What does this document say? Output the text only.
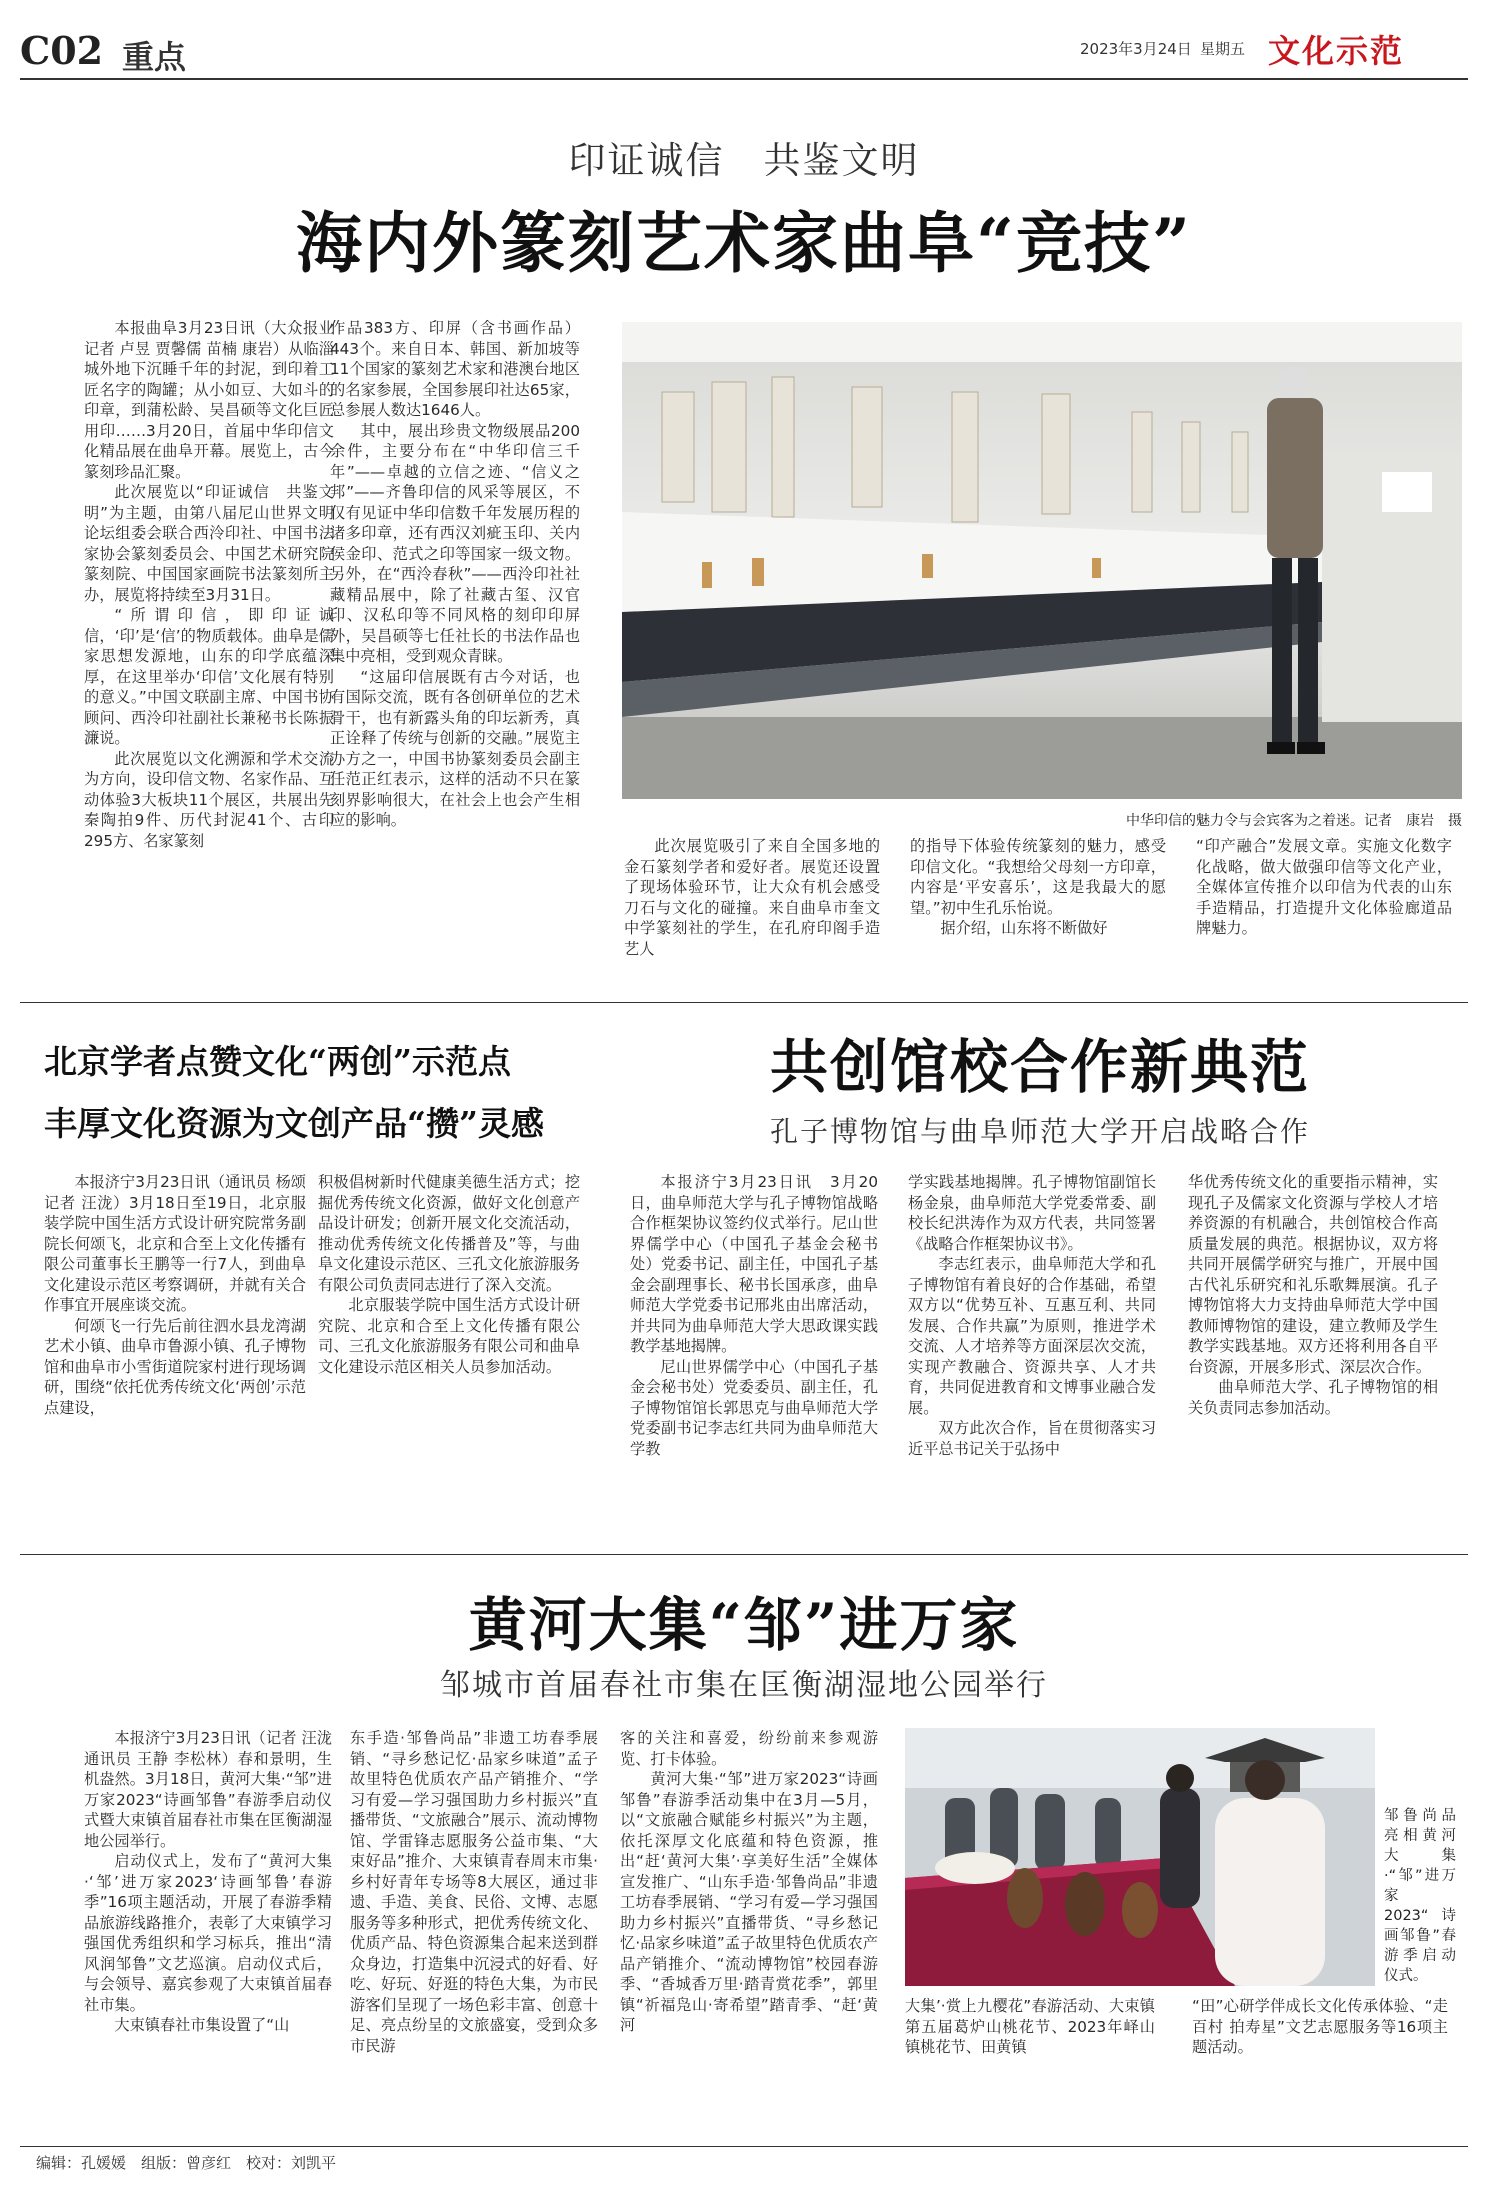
C02 重点	2023年3月24日 星期五 文化示范
印证诚信　共鉴文明
海内外篆刻艺术家曲阜“竞技”

本报曲阜3月23日讯（大众报业记者 卢昱 贾馨儒 苗楠 康岩）从临淄城外地下沉睡千年的封泥，到印着工匠名字的陶罐；从小如豆、大如斗的印章，到蒲松龄、吴昌硕等文化巨匠用印……3月20日，首届中华印信文化精品展在曲阜开幕。展览上，古今篆刻珍品汇聚。

此次展览以“印证诚信　共鉴文明”为主题，由第八届尼山世界文明论坛组委会联合西泠印社、中国书法家协会篆刻委员会、中国艺术研究院篆刻院、中国国家画院书法篆刻所主办，展览将持续至3月31日。

“所谓印信，即印证诚信，‘印’是‘信’的物质载体。曲阜是儒家思想发源地，山东的印学底蕴深厚，在这里举办‘印信’文化展有特别的意义。”中国文联副主席、中国书协顾问、西泠印社副社长兼秘书长陈振濂说。

此次展览以文化溯源和学术交流为方向，设印信文物、名家作品、互动体验3大板块11个展区，共展出先秦陶拍9件、历代封泥41个、古印295方、名家篆刻

作品383方、印屏（含书画作品）443个。来自日本、韩国、新加坡等11个国家的篆刻艺术家和港澳台地区的名家参展，全国参展印社达65家，总参展人数达1646人。

其中，展出珍贵文物级展品200余件，主要分布在“中华印信三千年”——卓越的立信之迹、“信义之邦”——齐鲁印信的风采等展区，不仅有见证中华印信数千年发展历程的诸多印章，还有西汉刘疵玉印、关内侯金印、范式之印等国家一级文物。另外，在“西泠春秋”——西泠印社社藏精品展中，除了社藏古玺、汉官印、汉私印等不同风格的刻印印屏外，吴昌硕等七任社长的书法作品也集中亮相，受到观众青睐。

“这届印信展既有古今对话，也有国际交流，既有各创研单位的艺术骨干，也有新露头角的印坛新秀，真正诠释了传统与创新的交融。”展览主办方之一，中国书协篆刻委员会副主任范正红表示，这样的活动不只在篆刻界影响很大，在社会上也会产生相应的影响。	中华印信的魅力令与会宾客为之着迷。记者　康岩　摄

此次展览吸引了来自全国多地的金石篆刻学者和爱好者。展览还设置了现场体验环节，让大众有机会感受刀石与文化的碰撞。来自曲阜市奎文中学篆刻社的学生，在孔府印阁手造艺人

的指导下体验传统篆刻的魅力，感受印信文化。“我想给父母刻一方印章，内容是‘平安喜乐’，这是我最大的愿望。”初中生孔乐怡说。

据介绍，山东将不断做好

“印产融合”发展文章。实施文化数字化战略，做大做强印信等文化产业，全媒体宣传推介以印信为代表的山东手造精品，打造提升文化体验廊道品牌魅力。

北京学者点赞文化“两创”示范点
丰厚文化资源为文创产品“攒”灵感

本报济宁3月23日讯（通讯员 杨颂 记者 汪泷）3月18日至19日，北京服装学院中国生活方式设计研究院常务副院长何颂飞，北京和合至上文化传播有限公司董事长王鹏等一行7人，到曲阜文化建设示范区考察调研，并就有关合作事宜开展座谈交流。

何颂飞一行先后前往泗水县龙湾湖艺术小镇、曲阜市鲁源小镇、孔子博物馆和曲阜市小雪街道院家村进行现场调研，围绕“依托优秀传统文化‘两创’示范点建设，

积极倡树新时代健康美德生活方式；挖掘优秀传统文化资源，做好文化创意产品设计研发；创新开展文化交流活动，推动优秀传统文化传播普及”等，与曲阜文化建设示范区、三孔文化旅游服务有限公司负责同志进行了深入交流。

北京服装学院中国生活方式设计研究院、北京和合至上文化传播有限公司、三孔文化旅游服务有限公司和曲阜文化建设示范区相关人员参加活动。

共创馆校合作新典范
孔子博物馆与曲阜师范大学开启战略合作

本报济宁3月23日讯　3月20日，曲阜师范大学与孔子博物馆战略合作框架协议签约仪式举行。尼山世界儒学中心（中国孔子基金会秘书处）党委书记、副主任，中国孔子基金会副理事长、秘书长国承彦，曲阜师范大学党委书记邢兆由出席活动，并共同为曲阜师范大学大思政课实践教学基地揭牌。

尼山世界儒学中心（中国孔子基金会秘书处）党委委员、副主任，孔子博物馆馆长郭思克与曲阜师范大学党委副书记李志红共同为曲阜师范大学教

学实践基地揭牌。孔子博物馆副馆长杨金泉，曲阜师范大学党委常委、副校长纪洪涛作为双方代表，共同签署《战略合作框架协议书》。

李志红表示，曲阜师范大学和孔子博物馆有着良好的合作基础，希望双方以“优势互补、互惠互利、共同发展、合作共赢”为原则，推进学术交流、人才培养等方面深层次交流，实现产教融合、资源共享、人才共育，共同促进教育和文博事业融合发展。

双方此次合作，旨在贯彻落实习近平总书记关于弘扬中

华优秀传统文化的重要指示精神，实现孔子及儒家文化资源与学校人才培养资源的有机融合，共创馆校合作高质量发展的典范。根据协议，双方将共同开展儒学研究与推广，开展中国古代礼乐研究和礼乐歌舞展演。孔子博物馆将大力支持曲阜师范大学中国教师博物馆的建设，建立教师及学生教学实践基地。双方还将利用各自平台资源，开展多形式、深层次合作。

曲阜师范大学、孔子博物馆的相关负责同志参加活动。

黄河大集“邹”进万家
邹城市首届春社市集在匡衡湖湿地公园举行

本报济宁3月23日讯（记者 汪泷 通讯员 王静 李松林）春和景明，生机盎然。3月18日，黄河大集·“邹”进万家2023“诗画邹鲁”春游季启动仪式暨大束镇首届春社市集在匡衡湖湿地公园举行。

启动仪式上，发布了“黄河大集·‘邹’进万家2023‘诗画邹鲁’春游季”16项主题活动，开展了春游季精品旅游线路推介，表彰了大束镇学习强国优秀组织和学习标兵，推出“清风润邹鲁”文艺巡演。启动仪式后，与会领导、嘉宾参观了大束镇首届春社市集。

大束镇春社市集设置了“山

东手造·邹鲁尚品”非遗工坊春季展销、“寻乡愁记忆·品家乡味道”孟子故里特色优质农产品产销推介、“学习有爱—学习强国助力乡村振兴”直播带货、“文旅融合”展示、流动博物馆、学雷锋志愿服务公益市集、“大束好品”推介、大束镇青春周末市集·乡村好青年专场等8大展区，通过非遗、手造、美食、民俗、文博、志愿服务等多种形式，把优秀传统文化、优质产品、特色资源集合起来送到群众身边，打造集中沉浸式的好看、好吃、好玩、好逛的特色大集，为市民游客们呈现了一场色彩丰富、创意十足、亮点纷呈的文旅盛宴，受到众多市民游

客的关注和喜爱，纷纷前来参观游览、打卡体验。

黄河大集·“邹”进万家2023“诗画邹鲁”春游季活动集中在3月—5月，以“文旅融合赋能乡村振兴”为主题，依托深厚文化底蕴和特色资源，推出“赶‘黄河大集’·享美好生活”全媒体宣发推广、“山东手造·邹鲁尚品”非遗工坊春季展销、“学习有爱—学习强国助力乡村振兴”直播带货、“寻乡愁记忆·品家乡味道”孟子故里特色优质农产品产销推介、“流动博物馆”校园春游季、“香城香万里·踏青赏花季”，郭里镇“祈福凫山·寄希望”踏青季、“赶‘黄河

邹鲁尚品亮相黄河大集·“邹”进万家2023“诗画邹鲁”春游季启动仪式。

大集’·赏上九樱花”春游活动、大束镇第五届葛炉山桃花节、2023年峄山镇桃花节、田黄镇

“田”心研学伴成长文化传承体验、“走百村 拍寿星”文艺志愿服务等16项主题活动。

编辑：孔媛媛　组版：曾彦红　校对：刘凯平
